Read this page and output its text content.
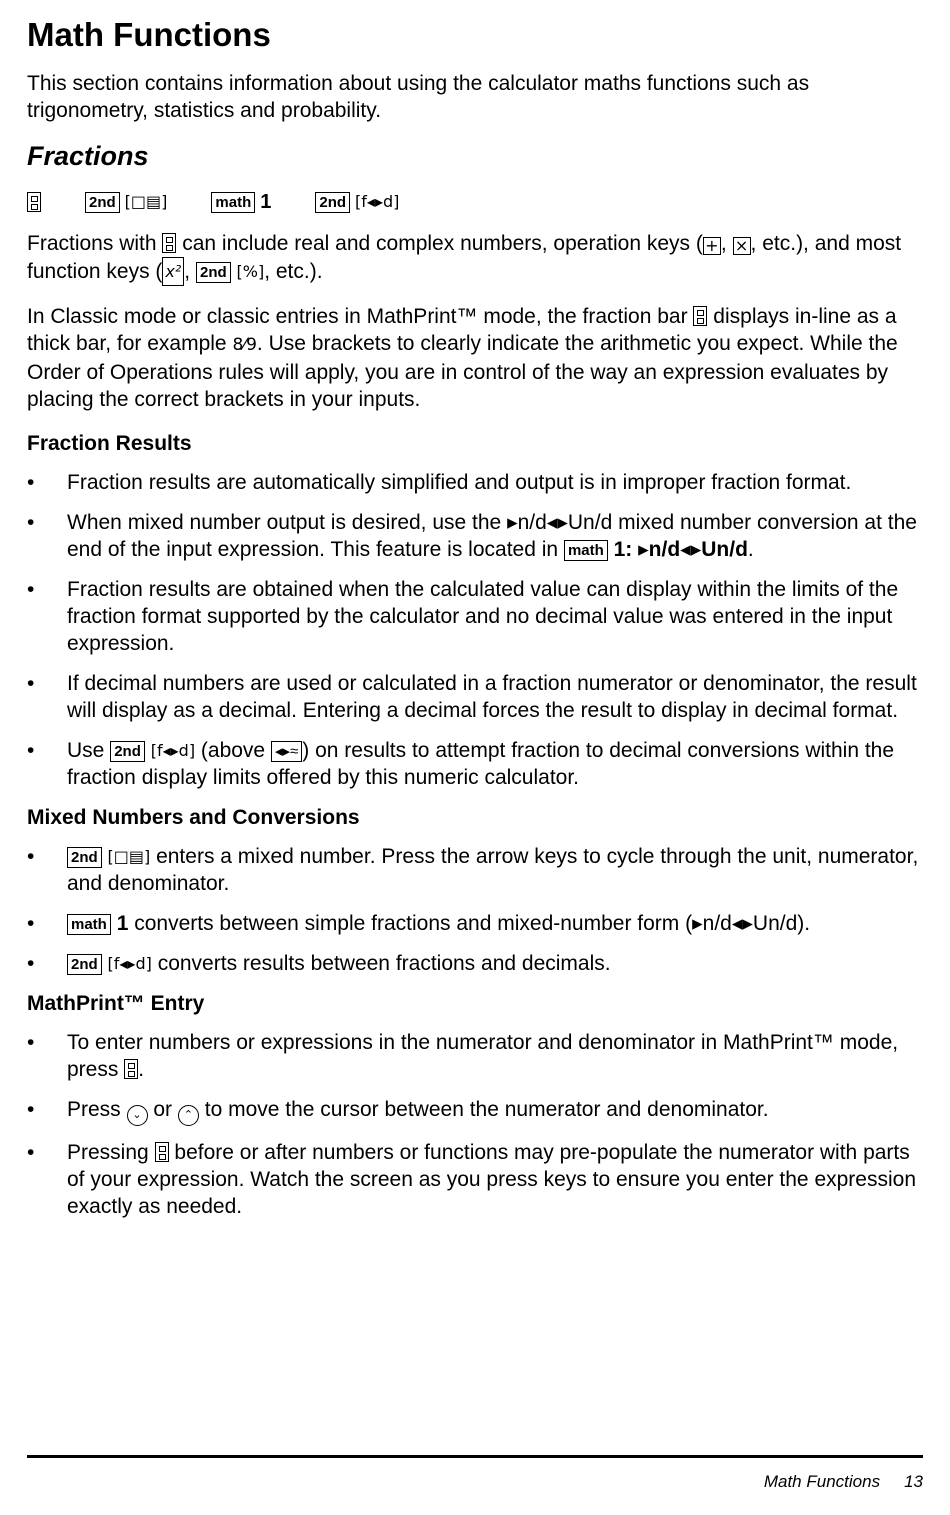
Math Functions
This section contains information about using the calculator maths functions such as trigonometry, statistics and probability.
Fractions
2nd [□▤]	math 1	2nd [f◂▸d]

Fractions with can include real and complex numbers, operation keys ( + , × , etc.), and most function keys ( x² , 2nd [%], etc.).

In Classic mode or classic entries in MathPrint™ mode, the fraction bar displays in-line as a thick bar, for example 8⁄9. Use brackets to clearly indicate the arithmetic you expect. While the Order of Operations rules will apply, you are in control of the way an expression evaluates by placing the correct brackets in your inputs.

Fraction Results
• Fraction results are automatically simplified and output is in improper fraction format.
• When mixed number output is desired, use the ▸n/d◂▸Un/d mixed number conversion at the end of the input expression. This feature is located in math 1: ▸n/d◂▸Un/d.
• Fraction results are obtained when the calculated value can display within the limits of the fraction format supported by the calculator and no decimal value was entered in the input expression.
• If decimal numbers are used or calculated in a fraction numerator or denominator, the result will display as a decimal. Entering a decimal forces the result to display in decimal format.
• Use 2nd [f◂▸d] (above ◂▸≈ ) on results to attempt fraction to decimal conversions within the fraction display limits offered by this numeric calculator.
Mixed Numbers and Conversions
• 2nd [□▤] enters a mixed number. Press the arrow keys to cycle through the unit, numerator, and denominator.
• math 1 converts between simple fractions and mixed-number form (▸n/d◂▸Un/d).
• 2nd [f◂▸d] converts results between fractions and decimals.
MathPrint™ Entry
• To enter numbers or expressions in the numerator and denominator in MathPrint™ mode, press .
• Press ⌄ or ⌃ to move the cursor between the numerator and denominator.
• Pressing before or after numbers or functions may pre-populate the numerator with parts of your expression. Watch the screen as you press keys to ensure you enter the expression exactly as needed.
Math Functions 13
